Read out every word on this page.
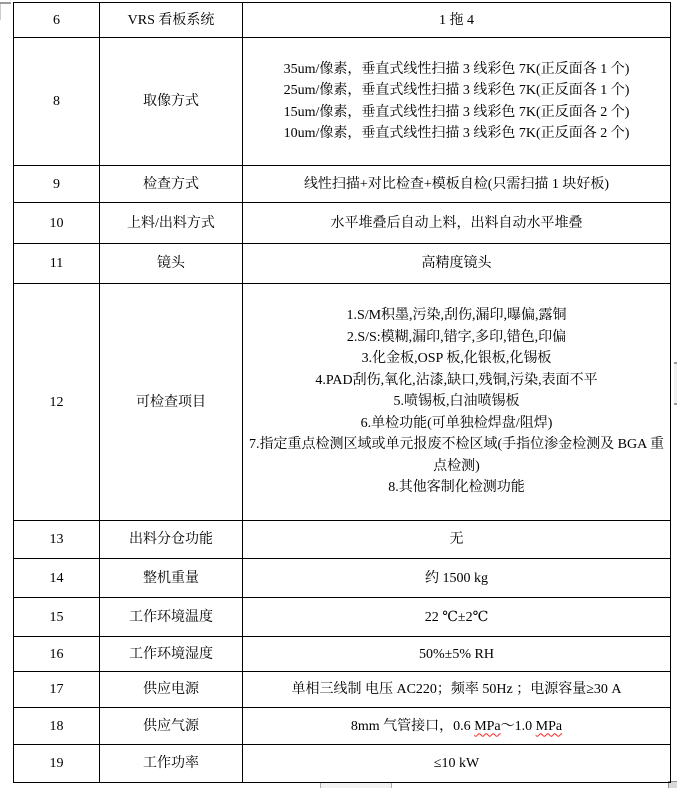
6	VRS 看板系统	1 拖 4
8	取像方式	35um/像素，垂直式线性扫描 3 线彩色 7K(正反面各 1 个)
25um/像素，垂直式线性扫描 3 线彩色 7K(正反面各 1 个)
15um/像素，垂直式线性扫描 3 线彩色 7K(正反面各 2 个)
10um/像素，垂直式线性扫描 3 线彩色 7K(正反面各 2 个)

9	检查方式	线性扫描+对比检查+模板自检(只需扫描 1 块好板)
10	上料/出料方式	水平堆叠后自动上料，出料自动水平堆叠
11	镜头	高精度镜头
12	可检查项目	
1.S/M积墨,污染,刮伤,漏印,曝偏,露铜
2.S/S:模糊,漏印,错字,多印,错色,印偏
3.化金板,OSP 板,化银板,化锡板
4.PAD刮伤,氧化,沾漆,缺口,残铜,污染,表面不平
5.喷锡板,白油喷锡板
6.单检功能(可单独检焊盘/阻焊)
7.指定重点检测区域或单元报废不检区域(手指位渗金检测及 BGA 重点检测)
8.其他客制化检测功能

13	出料分仓功能	无
14	整机重量	约 1500 kg
15	工作环境温度	22 ℃±2℃
16	工作环境湿度	50%±5% RH
17	供应电源	单相三线制 电压 AC220；频率 50Hz ；电源容量≥30 A
18	供应气源	8mm 气管接口，0.6 MPa～1.0 MPa
19	工作功率	≤10 kW
